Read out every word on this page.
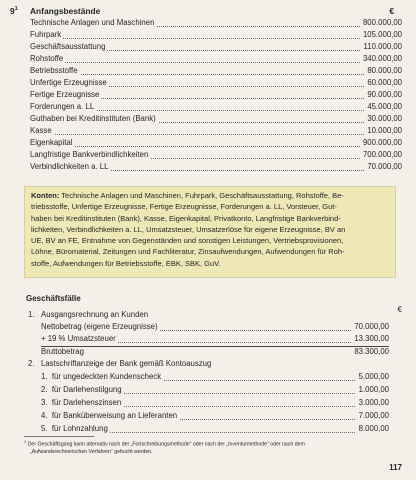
$9^1$ Anfangsbestände	€
Technische Anlagen und Maschinen	800.000,00
Fuhrpark	105.000,00
Geschäftsausstattung	110.000,00
Rohstoffe	340.000,00
Betriebsstoffe	80.000,00
Unfertige Erzeugnisse	60.000,00
Fertige Erzeugnisse	90.000,00
Forderungen a. LL	45.000,00
Guthaben bei Kreditinstituten (Bank)	30.000,00
Kasse	10.000,00
Eigenkapital	900.000,00
Langfristige Bankverbindlichkeiten	700.000,00
Verbindlichkeiten a. LL	70.000,00
Konten: Technische Anlagen und Maschinen, Fuhrpark, Geschäftsausstattung, Rohstoffe, Be-
triebsstoffe, Unfertige Erzeugnisse, Fertige Erzeugnisse, Forderungen a. LL, Vorsteuer, Gut-
haben bei Kreditinstituten (Bank), Kasse, Eigenkapital, Privatkonto, Langfristige Bankverbind-
lichkeiten, Verbindlichkeiten a. LL, Umsatzsteuer, Umsatzerlöse für eigene Erzeugnisse, BV an
UE, BV an FE, Entnahme von Gegenständen und sonstigen Leistungen, Vertriebsprovisionen,
Löhne, Büromaterial, Zeitungen und Fachliteratur, Zinsaufwendungen, Aufwendungen für Roh-
stoffe, Aufwendungen für Betriebsstoffe, EBK, SBK, GuV.
Geschäftsfälle
€
1. Ausgangsrechnung an Kunden
Nettobetrag (eigene Erzeugnisse)	70.000,00
+ 19 % Umsatzsteuer	13.300,00
Bruttobetrag	83.300,00
2. Lastschriftanzeige der Bank gemäß Kontoauszug
1. für ungedeckten Kundenscheck	5.000,00
2. für Darlehenstilgung	1.000,00
3. für Darlehenszinsen	3.000,00
4. für Banküberweisung an Lieferanten	7.000,00
5. für Lohnzahlung	8.000,00
$^1$ Der Geschäftsgang kann alternativ nach der „Fortschreibungsmethode“ oder nach der „Inventurmethode“ oder nach dem
„Aufwandsrechnerischen Verfahren“ gebucht werden.
117
